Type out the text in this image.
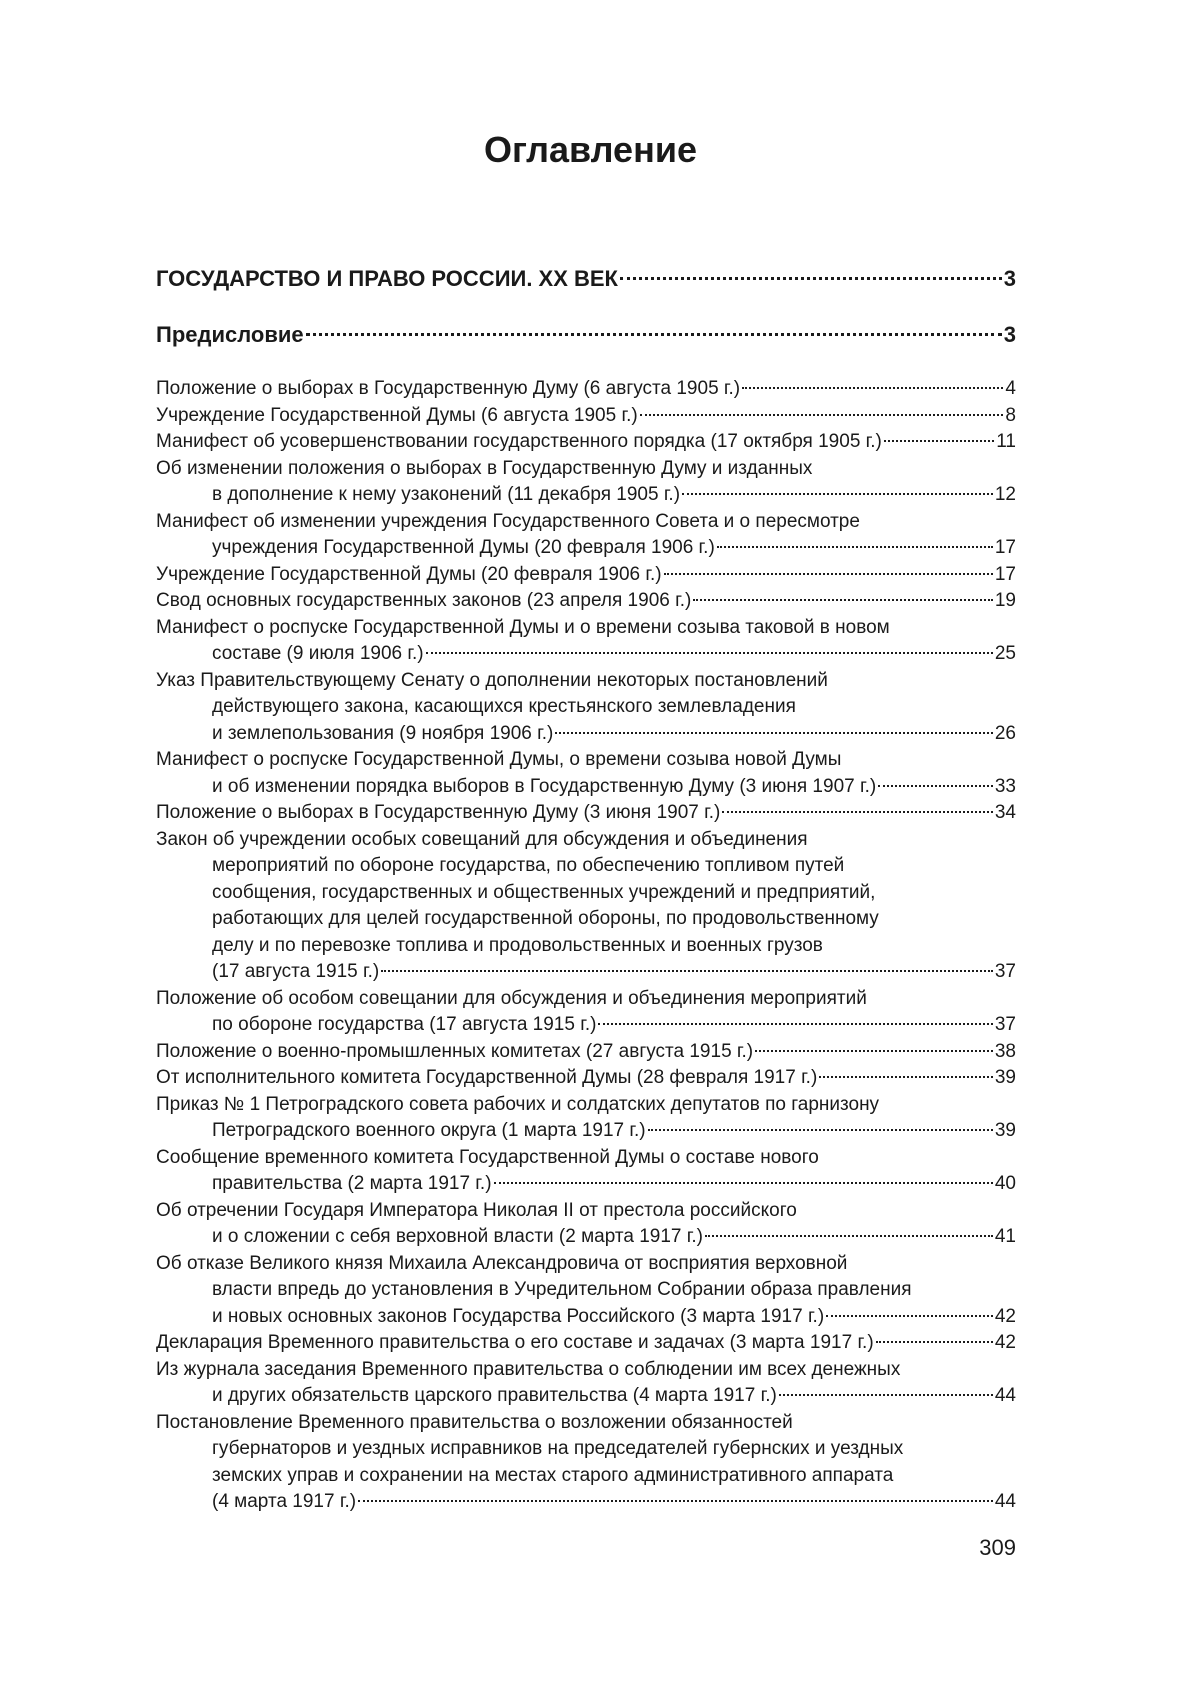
Оглавление
ГОСУДАРСТВО И ПРАВО РОССИИ. XX ВЕК	3
Предисловие	3
Положение о выборах в Государственную Думу (6 августа 1905 г.)	4
Учреждение Государственной Думы (6 августа 1905 г.)	8
Манифест об усовершенствовании государственного порядка (17 октября 1905 г.)	11
Об изменении положения о выборах в Государственную Думу и изданных
в дополнение к нему узаконений (11 декабря 1905 г.)	12
Манифест об изменении учреждения Государственного Совета и о пересмотре
учреждения Государственной Думы (20 февраля 1906 г.)	17
Учреждение Государственной Думы (20 февраля 1906 г.)	17
Свод основных государственных законов (23 апреля 1906 г.)	19
Манифест о роспуске Государственной Думы и о времени созыва таковой в новом
составе (9 июля 1906 г.)	25
Указ Правительствующему Сенату о дополнении некоторых постановлений
действующего закона, касающихся крестьянского землевладения
и землепользования (9 ноября 1906 г.)	26
Манифест о роспуске Государственной Думы, о времени созыва новой Думы
и об изменении порядка выборов в Государственную Думу (3 июня 1907 г.)	33
Положение о выборах в Государственную Думу (3 июня 1907 г.)	34
Закон об учреждении особых совещаний для обсуждения и объединения
мероприятий по обороне государства, по обеспечению топливом путей
сообщения, государственных и общественных учреждений и предприятий,
работающих для целей государственной обороны, по продовольственному
делу и по перевозке топлива и продовольственных и военных грузов
(17 августа 1915 г.)	37
Положение об особом совещании для обсуждения и объединения мероприятий
по обороне государства (17 августа 1915 г.)	37
Положение о военно-промышленных комитетах (27 августа 1915 г.)	38
От исполнительного комитета Государственной Думы (28 февраля 1917 г.)	39
Приказ № 1 Петроградского совета рабочих и солдатских депутатов по гарнизону
Петроградского военного округа (1 марта 1917 г.)	39
Сообщение временного комитета Государственной Думы о составе нового
правительства (2 марта 1917 г.)	40
Об отречении Государя Императора Николая II от престола российского
и о сложении с себя верховной власти (2 марта 1917 г.)	41
Об отказе Великого князя Михаила Александровича от восприятия верховной
власти впредь до установления в Учредительном Собрании образа правления
и новых основных законов Государства Российского (3 марта 1917 г.)	42
Декларация Временного правительства о его составе и задачах (3 марта 1917 г.)	42
Из журнала заседания Временного правительства о соблюдении им всех денежных
и других обязательств царского правительства (4 марта 1917 г.)	44
Постановление Временного правительства о возложении обязанностей
губернаторов и уездных исправников на председателей губернских и уездных
земских управ и сохранении на местах старого административного аппарата
(4 марта 1917 г.)	44
309
